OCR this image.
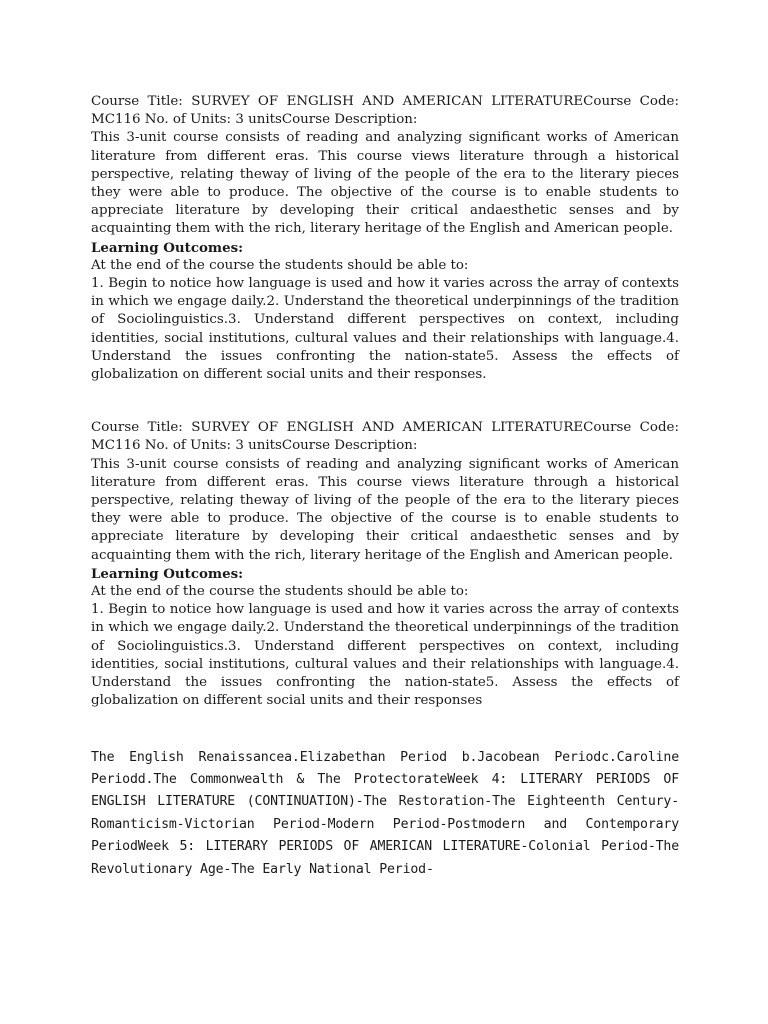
Course Title: SURVEY OF ENGLISH AND AMERICAN LITERATURECourse Code: MC116 No. of Units: 3 unitsCourse Description:

This 3-unit course consists of reading and analyzing significant works of American literature from different eras. This course views literature through a historical perspective, relating theway of living of the people of the era to the literary pieces they were able to produce. The objective of the course is to enable students to appreciate literature by developing their critical andaesthetic senses and by acquainting them with the rich, literary heritage of the English and American people.

Learning Outcomes:

At the end of the course the students should be able to:

1. Begin to notice how language is used and how it varies across the array of contexts in which we engage daily.2. Understand the theoretical underpinnings of the tradition of Sociolinguistics.3. Understand different perspectives on context, including identities, social institutions, cultural values and their relationships with language.4. Understand the issues confronting the nation-state5. Assess the effects of globalization on different social units and their responses.

Course Title: SURVEY OF ENGLISH AND AMERICAN LITERATURECourse Code: MC116 No. of Units: 3 unitsCourse Description:

This 3-unit course consists of reading and analyzing significant works of American literature from different eras. This course views literature through a historical perspective, relating theway of living of the people of the era to the literary pieces they were able to produce. The objective of the course is to enable students to appreciate literature by developing their critical andaesthetic senses and by acquainting them with the rich, literary heritage of the English and American people.

Learning Outcomes:

At the end of the course the students should be able to:

1. Begin to notice how language is used and how it varies across the array of contexts in which we engage daily.2. Understand the theoretical underpinnings of the tradition of Sociolinguistics.3. Understand different perspectives on context, including identities, social institutions, cultural values and their relationships with language.4. Understand the issues confronting the nation-state5. Assess the effects of globalization on different social units and their responses

The English Renaissancea.Elizabethan Period b.Jacobean Periodc.Caroline Periodd.The Commonwealth & The ProtectorateWeek 4: LITERARY PERIODS OF ENGLISH LITERATURE (CONTINUATION)-The Restoration-The Eighteenth Century-Romanticism-Victorian Period-Modern Period-Postmodern and Contemporary PeriodWeek 5: LITERARY PERIODS OF AMERICAN LITERATURE-Colonial Period-The Revolutionary Age-The Early National Period-
